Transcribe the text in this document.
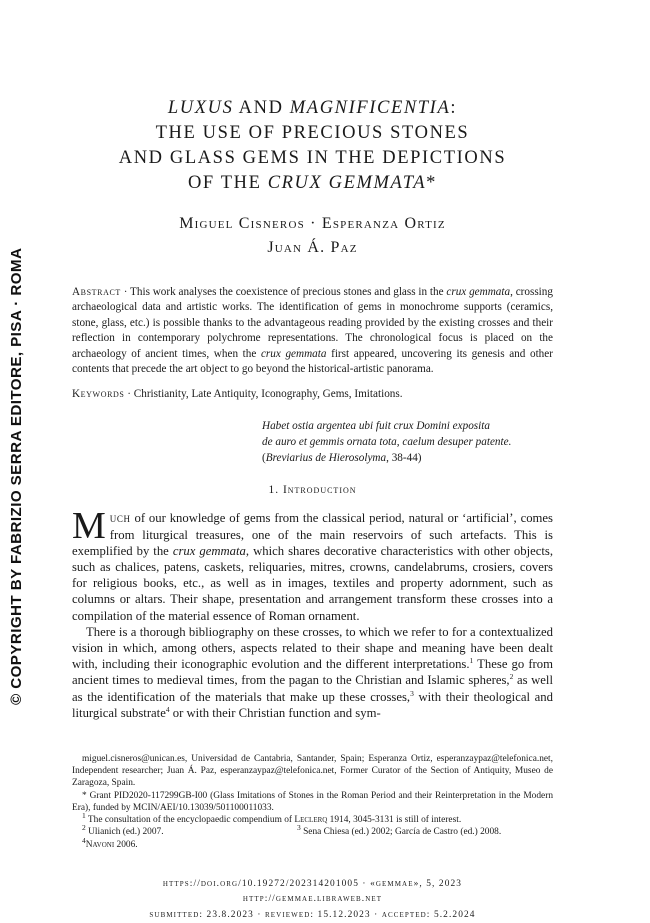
© COPYRIGHT BY FABRIZIO SERRA EDITORE, PISA · ROMA
LUXUS AND MAGNIFICENTIA:
THE USE OF PRECIOUS STONES
AND GLASS GEMS IN THE DEPICTIONS
OF THE CRUX GEMMATA*
Miguel Cisneros · Esperanza Ortiz
Juan Á. Paz
Abstract · This work analyses the coexistence of precious stones and glass in the crux gemmata, crossing archaeological data and artistic works. The identification of gems in monochrome supports (ceramics, stone, glass, etc.) is possible thanks to the advantageous reading provided by the existing crosses and their reflection in contemporary polychrome representations. The chronological focus is placed on the archaeology of ancient times, when the crux gemmata first appeared, uncovering its genesis and other contents that precede the art object to go beyond the historical-artistic panorama.
Keywords · Christianity, Late Antiquity, Iconography, Gems, Imitations.
Habet ostia argentea ubi fuit crux Domini exposita
de auro et gemmis ornata tota, caelum desuper patente.
(Breviarius de Hierosolyma, 38-44)
1. Introduction

Much of our knowledge of gems from the classical period, natural or ‘artificial’, comes from liturgical treasures, one of the main reservoirs of such artefacts. This is exemplified by the crux gemmata, which shares decorative characteristics with other objects, such as chalices, patens, caskets, reliquaries, mitres, crowns, candelabrums, crosiers, covers for religious books, etc., as well as in images, textiles and property adornment, such as columns or altars. Their shape, presentation and arrangement transform these crosses into a compilation of the material essence of Roman ornament.

There is a thorough bibliography on these crosses, to which we refer to for a contextualized vision in which, among others, aspects related to their shape and meaning have been dealt with, including their iconographic evolution and the different interpretations.$^1$ These go from ancient times to medieval times, from the pagan to the Christian and Islamic spheres,$^2$ as well as the identification of the materials that make up these crosses,$^3$ with their theological and liturgical substrate$^4$ or with their Christian function and sym-

miguel.cisneros@unican.es, Universidad de Cantabria, Santander, Spain; Esperanza Ortiz, esperanzaypaz@telefonica.net, Independent researcher; Juan Á. Paz, esperanzaypaz@telefonica.net, Former Curator of the Section of Antiquity, Museo de Zaragoza, Spain.

* Grant PID2020-117299GB-I00 (Glass Imitations of Stones in the Roman Period and their Reinterpretation in the Modern Era), funded by MCIN/AEI/10.13039/501100011033.

$^1$ The consultation of the encyclopaedic compendium of Leclerq 1914, 3045-3131 is still of interest.

$^2$ Ulianich (ed.) 2007.	$^3$ Sena Chiesa (ed.) 2002; García de Castro (ed.) 2008.

$^4$Navoni 2006.

https://doi.org/10.19272/202314201005 · «gemmae», 5, 2023
http://gemmae.libraweb.net
submitted: 23.8.2023 · reviewed: 15.12.2023 · accepted: 5.2.2024
